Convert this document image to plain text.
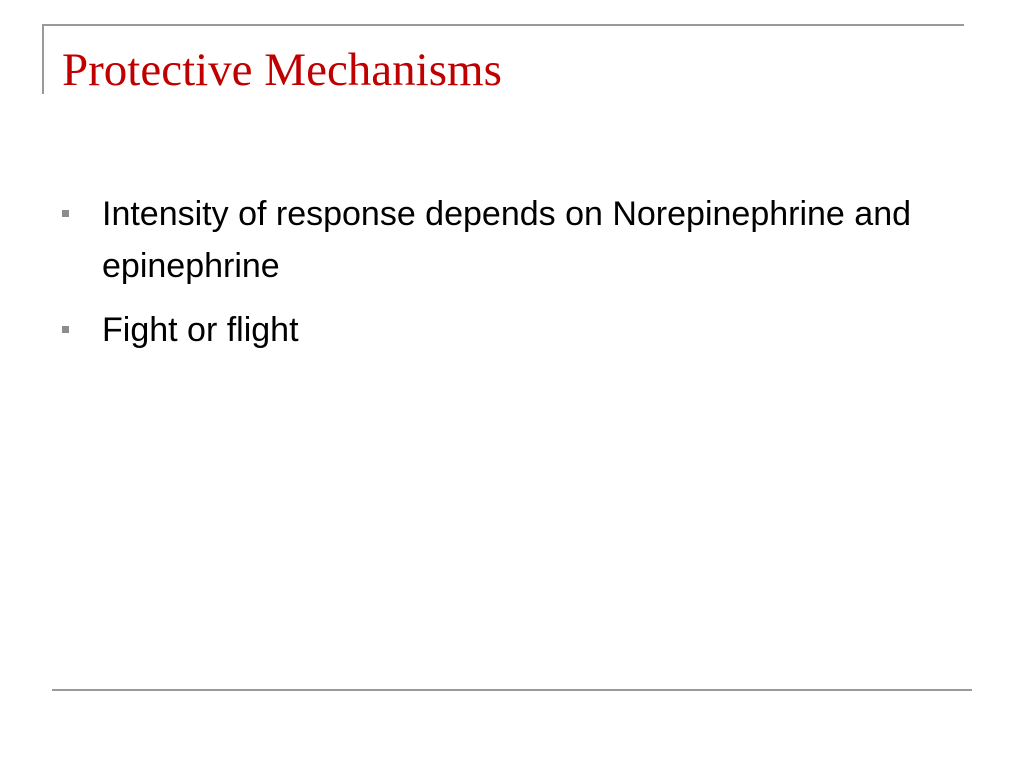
Protective Mechanisms
Intensity of response depends on Norepinephrine and epinephrine
Fight or flight
